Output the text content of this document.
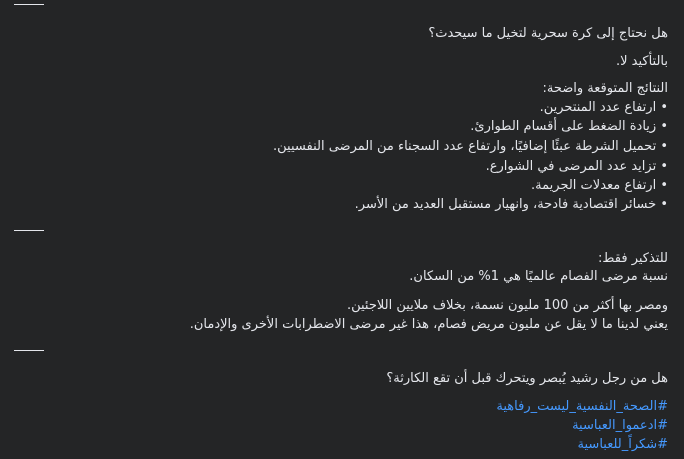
هل نحتاج إلى كرة سحرية لتخيل ما سيحدث؟
بالتأكيد لا.
النتائج المتوقعة واضحة:
• ارتفاع عدد المنتحرين.
• زيادة الضغط على أقسام الطوارئ.
• تحميل الشرطة عبئًا إضافيًا، وارتفاع عدد السجناء من المرضى النفسيين.
• تزايد عدد المرضى في الشوارع.
• ارتفاع معدلات الجريمة.
• خسائر اقتصادية فادحة، وانهيار مستقبل العديد من الأسر.
للتذكير فقط:
نسبة مرضى الفصام عالميًا هي 1% من السكان.
ومصر بها أكثر من 100 مليون نسمة، بخلاف ملايين اللاجئين.
يعني لدينا ما لا يقل عن مليون مريض فصام، هذا غير مرضى الاضطرابات الأخرى والإدمان.
هل من رجل رشيد يُبصر ويتحرك قبل أن تقع الكارثة؟
#الصحة_النفسية_ليست_رفاهية
#ادعموا_العباسية
#شكراً_للعباسية
